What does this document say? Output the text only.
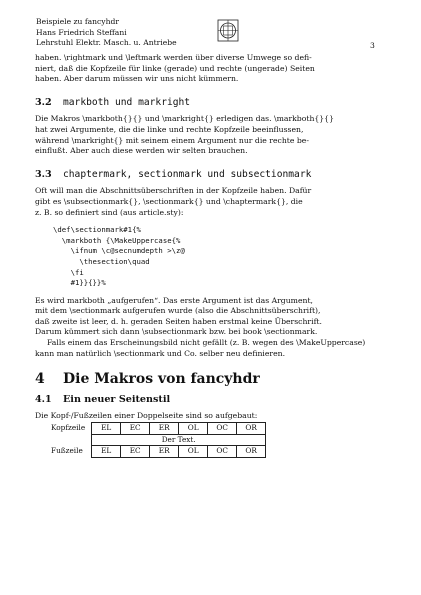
Beispiele zu fancyhdr
Hans Friedrich Steffani
Lehrstuhl Elektr. Masch. u. Antriebe	3

haben. \rightmark und \leftmark werden über diverse Umwege so defi-
niert, daß die Kopfzeile für linke (gerade) und rechte (ungerade) Seiten
haben. Aber darum müssen wir uns nicht kümmern.

3.2 markboth und markright

Die Makros \markboth{}{} und \markright{} erledigen das. \markboth{}{}
hat zwei Argumente, die die linke und rechte Kopfzeile beeinflussen,
während \markright{} mit seinem einem Argument nur die rechte be-
einflußt. Aber auch diese werden wir selten brauchen.

3.3 chaptermark, sectionmark und subsectionmark

Oft will man die Abschnittsüberschriften in der Kopfzeile haben. Dafür
gibt es \subsectionmark{}, \sectionmark{} und \chaptermark{}, die
z. B. so definiert sind (aus article.sty):

\def\sectionmark#1{%
\markboth {\MakeUppercase{%
\ifnum \c@secnumdepth >\z@
\thesection\quad
\fi
#1}}{}}%

Es wird markboth „aufgerufen“. Das erste Argument ist das Argument,
mit dem \sectionmark aufgerufen wurde (also die Abschnittsüberschrift),
daß zweite ist leer, d. h. geraden Seiten haben erstmal keine Überschrift.
Darum kümmert sich dann \subsectionmark bzw. bei book \sectionmark.

Falls einem das Erscheinungsbild nicht gefällt (z. B. wegen des \MakeUppercase)
kann man natürlich \sectionmark und Co. selber neu definieren.

4 Die Makros von fancyhdr
4.1 Ein neuer Seitenstil

Die Kopf-/Fußzeilen einer Doppelseite sind so aufgebaut:

Kopfzeile	EL	EC	ER	OL	OC	OR
	Der Text.					
Fußzeile	EL	EC	ER	OL	OC	OR
